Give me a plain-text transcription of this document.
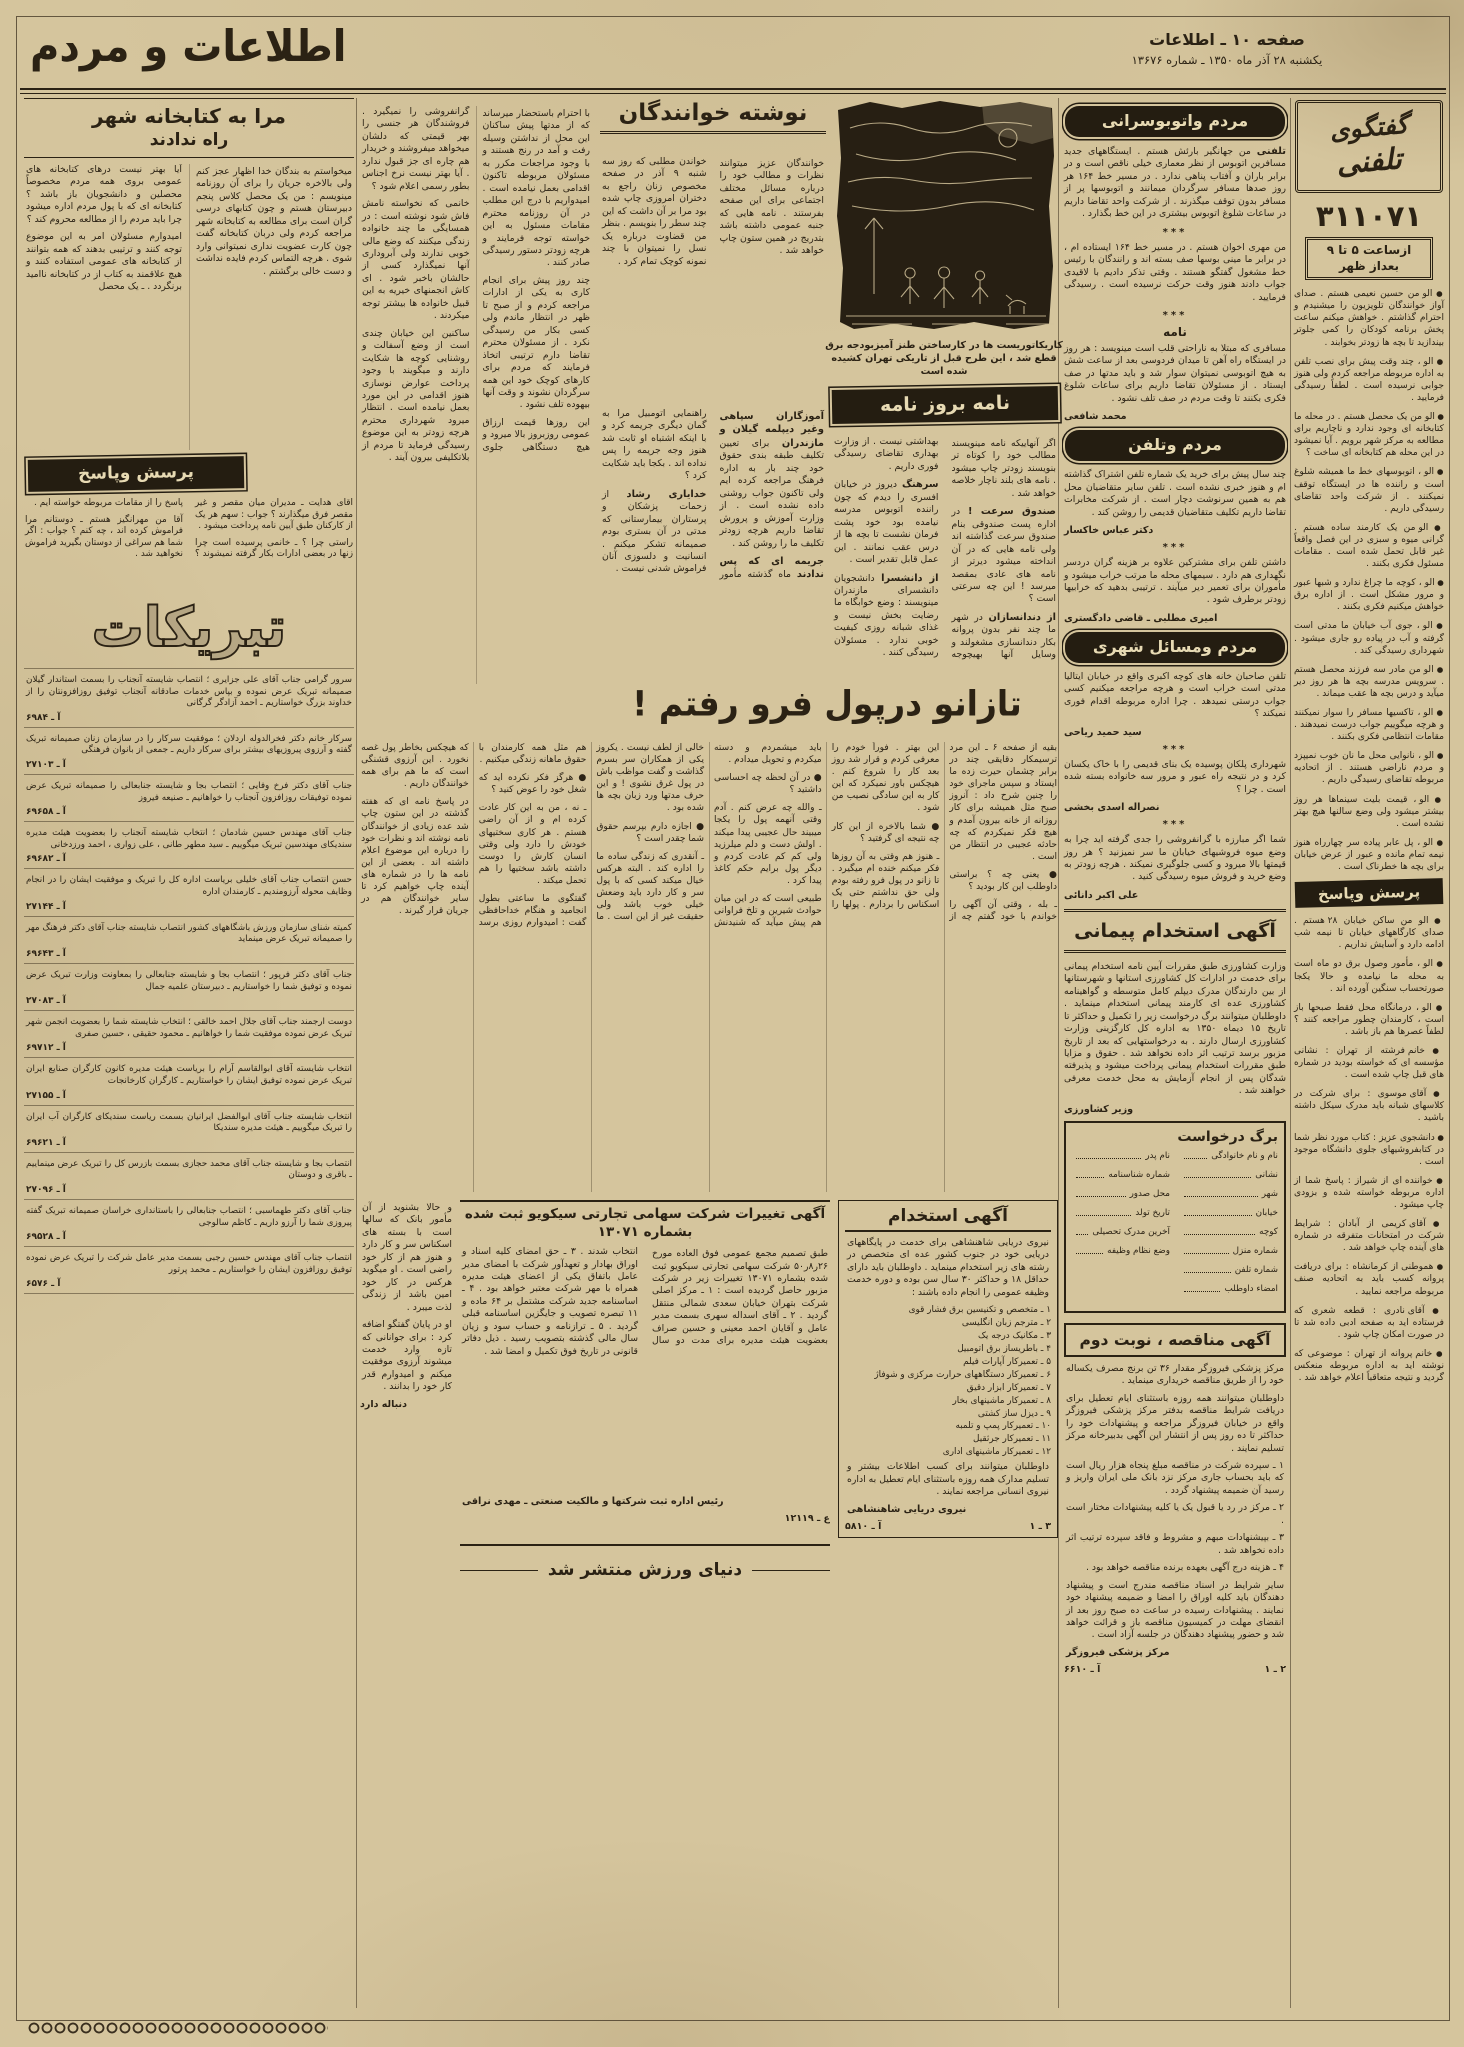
اطلاعات و مردم	صفحه ۱۰ ـ اطلاعات
یکشنبه ۲۸ آذر ماه ۱۳۵۰ ـ شماره ۱۳۶۷۶
گفتگوی
تلفنی
۳۱۱۰۷۱
ازساعت ۵ تا ۹
بعداز ظهر

● الو من حسین نعیمی هستم . صدای آواز خوانندگان تلویزیون را میشنیدم و احترام گذاشتم . خواهش میکنم ساعت پخش برنامه کودکان را کمی جلوتر بیندازید تا بچه ها زودتر بخوابند .

● الو ، چند وقت پیش برای نصب تلفن به اداره مربوطه مراجعه کردم ولی هنوز جوابی نرسیده است . لطفاً رسیدگی فرمایید .

● الو من یک محصل هستم . در محله ما کتابخانه ای وجود ندارد و ناچاریم برای مطالعه به مرکز شهر برویم . آیا نمیشود در این محله هم کتابخانه ای ساخت ؟

● الو ، اتوبوسهای خط ما همیشه شلوغ است و راننده ها در ایستگاه توقف نمیکنند . از شرکت واحد تقاضای رسیدگی داریم .

● الو من یک کارمند ساده هستم . گرانی میوه و سبزی در این فصل واقعاً غیر قابل تحمل شده است . مقامات مسئول فکری بکنند .

● الو ، کوچه ما چراغ ندارد و شبها عبور و مرور مشکل است . از اداره برق خواهش میکنیم فکری بکنند .

● الو ، جوی آب خیابان ما مدتی است گرفته و آب در پیاده رو جاری میشود . شهرداری رسیدگی کند .

● الو من مادر سه فرزند محصل هستم . سرویس مدرسه بچه ها هر روز دیر میآید و درس بچه ها عقب میماند .

● الو ، تاکسیها مسافر را سوار نمیکنند و هرچه میگوییم جواب درست نمیدهند . مقامات انتظامی فکری بکنند .

● الو ، نانوایی محل ما نان خوب نمیپزد و مردم ناراضی هستند . از اتحادیه مربوطه تقاضای رسیدگی داریم .

● الو ، قیمت بلیت سینماها هر روز بیشتر میشود ولی وضع سالنها هیچ بهتر نشده است .

● الو ، پل عابر پیاده سر چهارراه هنوز نیمه تمام مانده و عبور از عرض خیابان برای بچه ها خطرناک است .

پرسش وپاسخ

● الو من ساکن خیابان ۲۸ هستم . صدای کارگاههای خیابان تا نیمه شب ادامه دارد و آسایش نداریم .

● الو ، مأمور وصول برق دو ماه است به محله ما نیامده و حالا یکجا صورتحساب سنگین آورده اند .

● الو ، درمانگاه محل فقط صبحها باز است ، کارمندان چطور مراجعه کنند ؟ لطفاً عصرها هم باز باشد .

● خانم فرشته از تهران : نشانی مؤسسه ای که خواسته بودید در شماره های قبل چاپ شده است .

● آقای موسوی : برای شرکت در کلاسهای شبانه باید مدرک سیکل داشته باشید .

● دانشجوی عزیز : کتاب مورد نظر شما در کتابفروشیهای جلوی دانشگاه موجود است .

● خواننده ای از شیراز : پاسخ شما از اداره مربوطه خواسته شده و بزودی چاپ میشود .

● آقای کریمی از آبادان : شرایط شرکت در امتحانات متفرقه در شماره های آینده چاپ خواهد شد .

● هموطنی از کرمانشاه : برای دریافت پروانه کسب باید به اتحادیه صنف مربوطه مراجعه نمایید .

● آقای نادری : قطعه شعری که فرستاده اید به صفحه ادبی داده شد تا در صورت امکان چاپ شود .

● خانم پروانه از تهران : موضوعی که نوشته اید به اداره مربوطه منعکس گردید و نتیجه متعاقباً اعلام خواهد شد .

مردم واتوبوسرانی

تلفنی من جهانگیر بارئش هستم . ایستگاههای جدید مسافرین اتوبوس از نظر معماری خیلی ناقص است و در برابر باران و آفتاب پناهی ندارد . در مسیر خط ۱۶۴ هر روز صدها مسافر سرگردان میمانند و اتوبوسها پر از مسافر بدون توقف میگذرند . از شرکت واحد تقاضا داریم در ساعات شلوغ اتوبوس بیشتری در این خط بگذارد .

***

من مهری اخوان هستم . در مسیر خط ۱۶۴ ایستاده ام ، در برابر ما مینی بوسها صف بسته اند و رانندگان با رئیس خط مشغول گفتگو هستند . وقتی تذکر دادیم با لاقیدی جواب دادند هنوز وقت حرکت نرسیده است . رسیدگی فرمایید .

***
نامه

مسافری که مبتلا به ناراحتی قلب است مینویسد : هر روز در ایستگاه راه آهن تا میدان فردوسی بعد از ساعت شش به هیچ اتوبوسی نمیتوان سوار شد و باید مدتها در صف ایستاد . از مسئولان تقاضا داریم برای ساعات شلوغ فکری بکنند تا وقت مردم در صف تلف نشود .

محمد شافعی
مردم وتلفن

چند سال پیش برای خرید یک شماره تلفن اشتراک گذاشته ام و هنوز خبری نشده است . تلفن سایر متقاضیان محل هم به همین سرنوشت دچار است . از شرکت مخابرات تقاضا داریم تکلیف متقاضیان قدیمی را روشن کند .

دکتر عباس خاکسار
***

داشتن تلفن برای مشترکین علاوه بر هزینه گران دردسر نگهداری هم دارد . سیمهای محله ما مرتب خراب میشود و مأموران برای تعمیر دیر میآیند . ترتیبی بدهید که خرابیها زودتر برطرف شود .

امیری مطلبی ـ قاضی دادگستری
مردم ومسائل شهری

تلفن صاحبان خانه های کوچه اکبری واقع در خیابان ایتالیا مدتی است خراب است و هرچه مراجعه میکنیم کسی جواب درستی نمیدهد . چرا اداره مربوطه اقدام فوری نمیکند ؟

سید حمید ریاحی
***

شهرداری پلکان پوسیده یک بنای قدیمی را با خاک یکسان کرد و در نتیجه راه عبور و مرور سه خانواده بسته شده است . چرا ؟

نصراله اسدی بخشی
***

شما اگر مبارزه با گرانفروشی را جدی گرفته اید چرا به وضع میوه فروشیهای خیابان ما سر نمیزنید ؟ هر روز قیمتها بالا میرود و کسی جلوگیری نمیکند . هرچه زودتر به وضع خرید و فروش میوه رسیدگی کنید .

علی اکبر دانائی
آگهی استخدام پیمانی

وزارت کشاورزی طبق مقررات آیین نامه استخدام پیمانی برای خدمت در ادارات کل کشاورزی استانها و شهرستانها از بین دارندگان مدرک دیپلم کامل متوسطه و گواهینامه کشاورزی عده ای کارمند پیمانی استخدام مینماید . داوطلبان میتوانند برگ درخواست زیر را تکمیل و حداکثر تا تاریخ ۱۵ دیماه ۱۳۵۰ به اداره کل کارگزینی وزارت کشاورزی ارسال دارند . به درخواستهایی که بعد از تاریخ مزبور برسد ترتیب اثر داده نخواهد شد . حقوق و مزایا طبق مقررات استخدام پیمانی پرداخت میشود و پذیرفته شدگان پس از انجام آزمایش به محل خدمت معرفی خواهند شد .

وزیر کشاورزی
برگ درخواست
نام و نام خانوادگی
نشانی
شهر
خیابان
کوچه
شماره منزل
شماره تلفن
امضاء داوطلب
نام پدر
شماره شناسنامه
محل صدور
تاریخ تولد
آخرین مدرک تحصیلی
وضع نظام وظیفه
آگهی مناقصه ، نوبت دوم

مرکز پزشکی فیروزگر مقدار ۳۶ تن برنج مصرف یکساله خود را از طریق مناقصه خریداری مینماید .

داوطلبان میتوانند همه روزه باستثنای ایام تعطیل برای دریافت شرایط مناقصه بدفتر مرکز پزشکی فیروزگر واقع در خیابان فیروزگر مراجعه و پیشنهادات خود را حداکثر تا ده روز پس از انتشار این آگهی بدبیرخانه مرکز تسلیم نمایند .

۱ ـ سپرده شرکت در مناقصه مبلغ پنجاه هزار ریال است که باید بحساب جاری مرکز نزد بانک ملی ایران واریز و رسید آن ضمیمه پیشنهاد گردد .

۲ ـ مرکز در رد یا قبول یک یا کلیه پیشنهادات مختار است .

۳ ـ بپیشنهادات مبهم و مشروط و فاقد سپرده ترتیب اثر داده نخواهد شد .

۴ ـ هزینه درج آگهی بعهده برنده مناقصه خواهد بود .

سایر شرایط در اسناد مناقصه مندرج است و پیشنهاد دهندگان باید کلیه اوراق را امضا و ضمیمه پیشنهاد خود نمایند . پیشنهادات رسیده در ساعت ده صبح روز بعد از انقضای مهلت در کمیسیون مناقصه باز و قرائت خواهد شد و حضور پیشنهاد دهندگان در جلسه آزاد است .

مرکز پزشکی فیروزگر
۲ ـ ۱
آ ـ ۶۶۱۰

با احترام باستحضار میرساند که از مدتها پیش ساکنان این محل از نداشتن وسیله رفت و آمد در رنج هستند و با وجود مراجعات مکرر به مسئولان مربوطه تاکنون اقدامی بعمل نیامده است . امیدواریم با درج این مطلب در آن روزنامه محترم مقامات مسئول به این خواسته توجه فرمایند و هرچه زودتر دستور رسیدگی صادر کنند .

چند روز پیش برای انجام کاری به یکی از ادارات مراجعه کردم و از صبح تا ظهر در انتظار ماندم ولی کسی بکار من رسیدگی نکرد . از مسئولان محترم تقاضا دارم ترتیبی اتخاذ فرمایند که مردم برای کارهای کوچک خود این همه سرگردان نشوند و وقت آنها بیهوده تلف نشود .

این روزها قیمت ارزاق عمومی روزبروز بالا میرود و هیچ دستگاهی جلوی گرانفروشی را نمیگیرد . فروشندگان هر جنسی را بهر قیمتی که دلشان میخواهد میفروشند و خریدار هم چاره ای جز قبول ندارد . آیا بهتر نیست نرخ اجناس بطور رسمی اعلام شود ؟

خانمی که نخواسته نامش فاش شود نوشته است : در همسایگی ما چند خانواده زندگی میکنند که وضع مالی خوبی ندارند ولی آبروداری آنها نمیگذارد کسی از حالشان باخبر شود . ای کاش انجمنهای خیریه به این قبیل خانواده ها بیشتر توجه میکردند .

ساکنین این خیابان چندی است از وضع آسفالت و روشنایی کوچه ها شکایت دارند و میگویند با وجود پرداخت عوارض نوسازی هنوز اقدامی در این مورد بعمل نیامده است . انتظار میرود شهرداری محترم هرچه زودتر به این موضوع رسیدگی فرماید تا مردم از بلاتکلیفی بیرون آیند .

نوشته خوانندگان

خوانندگان عزیز میتوانند نظرات و مطالب خود را درباره مسائل مختلف اجتماعی برای این صفحه بفرستند . نامه هایی که جنبه عمومی داشته باشد بتدریج در همین ستون چاپ خواهد شد .

خواندن مطلبی که روز سه شنبه ۹ آذر در صفحه مخصوص زنان راجع به دختران امروزی چاپ شده بود مرا بر آن داشت که این چند سطر را بنویسم . بنظر من قضاوت درباره یک نسل را نمیتوان با چند نمونه کوچک تمام کرد .

آموزگاران سپاهی وغیر دیپلمه گیلان و مازندران برای تعیین تکلیف طبقه بندی حقوق خود چند بار به اداره فرهنگ مراجعه کرده ایم ولی تاکنون جواب روشنی داده نشده است . از وزارت آموزش و پرورش تقاضا داریم هرچه زودتر تکلیف ما را روشن کند .

جریمه ای که پس ندادند ماه گذشته مأمور راهنمایی اتومبیل مرا به گمان دیگری جریمه کرد و با اینکه اشتباه او ثابت شد هنوز وجه جریمه را پس نداده اند . بکجا باید شکایت کرد ؟

خدایاری رشاد از زحمات پزشکان و پرستاران بیمارستانی که مدتی در آن بستری بودم صمیمانه تشکر میکنم . انسانیت و دلسوزی آنان فراموش شدنی نیست .

کاریکاتوریست ها در کارساختن طنز آمیزبودجه برق قطع شد ، این طرح قبل از تاریکی تهران کشیده شده است
نامه بروز نامه

اگر آنهاییکه نامه مینویسند مطالب خود را کوتاه تر بنویسند زودتر چاپ میشود . نامه های بلند ناچار خلاصه خواهد شد .

صندوق سرعت ! در اداره پست صندوقی بنام صندوق سرعت گذاشته اند ولی نامه هایی که در آن انداخته میشود دیرتر از نامه های عادی بمقصد میرسد ! این چه سرعتی است ؟

از دندانسازان در شهر ما چند نفر بدون پروانه بکار دندانسازی مشغولند و وسایل آنها بهیچوجه بهداشتی نیست . از وزارت بهداری تقاضای رسیدگی فوری داریم .

سرهنگ دیروز در خیابان افسری را دیدم که چون راننده اتوبوس مدرسه نیامده بود خود پشت فرمان نشست تا بچه ها از درس عقب نمانند . این عمل قابل تقدیر است .

از دانشسرا دانشجویان دانشسرای مازندران مینویسند : وضع خوابگاه ما رضایت بخش نیست و غذای شبانه روزی کیفیت خوبی ندارد . مسئولان رسیدگی کنند .

تازانو درپول فرو رفتم !

بقیه از صفحه ۶ ـ این مرد ترسیمکار دقایقی چند در برابر چشمان حیرت زده ما ایستاد و سپس ماجرای خود را چنین شرح داد : آنروز صبح مثل همیشه برای کار روزانه از خانه بیرون آمدم و هیچ فکر نمیکردم که چه حادثه عجیبی در انتظار من است .

● یعنی چه ؟ براستی داوطلب این کار بودید ؟

ـ بله ، وقتی آن آگهی را خواندم با خود گفتم چه از این بهتر . فوراً خودم را معرفی کردم و قرار شد روز بعد کار را شروع کنم . هیچکس باور نمیکرد که این کار به این سادگی نصیب من شود .

● شما بالاخره از این کار چه نتیجه ای گرفتید ؟

ـ هنوز هم وقتی به آن روزها فکر میکنم خنده ام میگیرد . تا زانو در پول فرو رفته بودم ولی حق نداشتم حتی یک اسکناس را بردارم . پولها را باید میشمردم و دسته میکردم و تحویل میدادم .

● در آن لحظه چه احساسی داشتید ؟

ـ والله چه عرض کنم . آدم وقتی آنهمه پول را یکجا میبیند حال عجیبی پیدا میکند . اولش دست و دلم میلرزید ولی کم کم عادت کردم و دیگر پول برایم حکم کاغذ پیدا کرد .

طبیعی است که در این میان حوادث شیرین و تلخ فراوانی هم پیش میآید که شنیدنش خالی از لطف نیست . یکروز یکی از همکاران سر بسرم گذاشت و گفت مواظب باش در پول غرق نشوی ! و این حرف مدتها ورد زبان بچه ها شده بود .

● اجازه دارم بپرسم حقوق شما چقدر است ؟

ـ آنقدری که زندگی ساده ما را اداره کند . البته هرکس خیال میکند کسی که با پول سر و کار دارد باید وضعش خیلی خوب باشد ولی حقیقت غیر از این است . ما هم مثل همه کارمندان با حقوق ماهانه زندگی میکنیم .

● هرگز فکر نکرده اید که شغل خود را عوض کنید ؟

ـ نه ، من به این کار عادت کرده ام و از آن راضی هستم . هر کاری سختیهای خودش را دارد ولی وقتی انسان کارش را دوست داشته باشد سختیها را هم تحمل میکند .

گفتگوی ما ساعتی بطول انجامید و هنگام خداحافظی گفت : امیدوارم روزی برسد که هیچکس بخاطر پول غصه نخورد . این آرزوی قشنگی است که ما هم برای همه خوانندگان داریم .

در پاسخ نامه ای که هفته گذشته در این ستون چاپ شد عده زیادی از خوانندگان نامه نوشته اند و نظرات خود را درباره این موضوع اعلام داشته اند . بعضی از این نامه ها را در شماره های آینده چاپ خواهیم کرد تا سایر خوانندگان هم در جریان قرار گیرند .

و حالا بشنوید از آن مأمور بانک که سالها است با بسته های اسکناس سر و کار دارد و هنوز هم از کار خود راضی است . او میگوید هرکس در کار خود امین باشد از زندگی لذت میبرد .

او در پایان گفتگو اضافه کرد : برای جوانانی که تازه وارد خدمت میشوند آرزوی موفقیت میکنم و امیدوارم قدر کار خود را بدانند .

دنباله دارد
آگهی تغییرات شرکت سهامی تجارتی سیکویو ثبت شده
بشماره ۱۳۰۷۱

طبق تصمیم مجمع عمومی فوق العاده مورخ ۲۶ر۸ر۵۰ شرکت سهامی تجارتی سیکویو ثبت شده بشماره ۱۳۰۷۱ تغییرات زیر در شرکت مزبور حاصل گردیده است : ۱ ـ مرکز اصلی شرکت بتهران خیابان سعدی شمالی منتقل گردید . ۲ ـ آقای اسداله سهری بسمت مدیر عامل و آقایان احمد معینی و حسین صراف بعضویت هیئت مدیره برای مدت دو سال انتخاب شدند . ۳ ـ حق امضای کلیه اسناد و اوراق بهادار و تعهدآور شرکت با امضای مدیر عامل باتفاق یکی از اعضای هیئت مدیره همراه با مهر شرکت معتبر خواهد بود . ۴ ـ اساسنامه جدید شرکت مشتمل بر ۶۴ ماده و ۱۱ تبصره تصویب و جایگزین اساسنامه قبلی گردید . ۵ ـ ترازنامه و حساب سود و زیان سال مالی گذشته بتصویب رسید . ذیل دفاتر قانونی در تاریخ فوق تکمیل و امضا شد .

رئیس اداره ثبت شرکتها و مالکیت صنعتی ـ مهدی نراقی
ع ـ ۱۲۱۱۹
آگهی استخدام

نیروی دریایی شاهنشاهی برای خدمت در پایگاههای دریایی خود در جنوب کشور عده ای متخصص در رشته های زیر استخدام مینماید . داوطلبان باید دارای حداقل ۱۸ و حداکثر ۳۰ سال سن بوده و دوره خدمت وظیفه عمومی را انجام داده باشند :

۱ ـ متخصص و تکنیسین برق فشار قوی
۲ ـ مترجم زبان انگلیسی
۳ ـ مکانیک درجه یک
۴ ـ باطریساز برق اتومبیل
۵ ـ تعمیرکار آپارات فیلم
۶ ـ تعمیرکار دستگاههای حرارت مرکزی و شوفاژ
۷ ـ تعمیرکار ابزار دقیق
۸ ـ تعمیرکار ماشینهای بخار
۹ ـ دیزل ساز کشتی
۱۰ ـ تعمیرکار پمپ و تلمبه
۱۱ ـ تعمیرکار جرثقیل
۱۲ ـ تعمیرکار ماشینهای اداری

داوطلبان میتوانند برای کسب اطلاعات بیشتر و تسلیم مدارک همه روزه باستثنای ایام تعطیل به اداره نیروی انسانی مراجعه نمایند .

نیروی دریایی شاهنشاهی
۳ ـ ۱
آ ـ ۵۸۱۰
دنیای ورزش منتشر شد
مرا به کتابخانه شهر
راه ندادند

میخواستم به بندگان خدا اظهار عجز کنم ولی بالاخره جریان را برای آن روزنامه مینویسم : من یک محصل کلاس پنجم دبیرستان هستم و چون کتابهای درسی گران است برای مطالعه به کتابخانه شهر مراجعه کردم ولی دربان کتابخانه گفت چون کارت عضویت نداری نمیتوانی وارد شوی . هرچه التماس کردم فایده نداشت و دست خالی برگشتم .

آیا بهتر نیست درهای کتابخانه های عمومی بروی همه مردم مخصوصاً محصلین و دانشجویان باز باشد ؟ کتابخانه ای که با پول مردم اداره میشود چرا باید مردم را از مطالعه محروم کند ؟

امیدوارم مسئولان امر به این موضوع توجه کنند و ترتیبی بدهند که همه بتوانند از کتابخانه های عمومی استفاده کنند و هیچ علاقمند به کتاب از در کتابخانه ناامید برنگردد . ـ یک محصل

پرسش وپاسخ

آقای هدایت ـ مدیران میان مقصر و غیر مقصر فرق میگذارند ؟ جواب : سهم هر یک از کارکنان طبق آیین نامه پرداخت میشود .

راستی چرا ؟ ـ خانمی پرسیده است چرا زنها در بعضی ادارات بکار گرفته نمیشوند ؟ پاسخ را از مقامات مربوطه خواسته ایم .

آقا من مهرانگیز هستم ـ دوستانم مرا فراموش کرده اند ، چه کنم ؟ جواب : اگر شما هم سراغی از دوستان بگیرید فراموش نخواهید شد .

تبریکات

سرور گرامی جناب آقای علی جزایری ؛ انتصاب شایسته آنجناب را بسمت استاندار گیلان صمیمانه تبریک عرض نموده و بپاس خدمات صادقانه آنجناب توفیق روزافزونتان را از خداوند بزرگ خواستاریم ـ احمد آزادگر گرگانی

آ ـ ۶۹۸۴

سرکار خانم دکتر فخرالدوله اردلان ؛ موفقیت سرکار را در سازمان زنان صمیمانه تبریک گفته و آرزوی پیروزیهای بیشتر برای سرکار داریم ـ جمعی از بانوان فرهنگی

آ ـ ۲۷۱۰۳

جناب آقای دکتر فرخ وفایی ؛ انتصاب بجا و شایسته جنابعالی را صمیمانه تبریک عرض نموده توفیقات روزافزون آنجناب را خواهانیم ـ صنیعه فیروز

آ ـ ۶۹۶۵۸

جناب آقای مهندس حسین شادمان ؛ انتخاب شایسته آنجناب را بعضویت هیئت مدیره سندیکای مهندسین تبریک میگوییم ـ سید مطهر طانی ، علی زواری ، احمد ورزدخانی

آ ـ ۶۹۶۸۲

حسن انتصاب جناب آقای خلیلی بریاست اداره کل را تبریک و موفقیت ایشان را در انجام وظایف محوله آرزومندیم ـ کارمندان اداره

آ ـ ۲۷۱۴۴

کمیته شنای سازمان ورزش باشگاههای کشور انتصاب شایسته جناب آقای دکتر فرهنگ مهر را صمیمانه تبریک عرض مینماید

آ ـ ۶۹۶۴۳

جناب آقای دکتر فرپور ؛ انتصاب بجا و شایسته جنابعالی را بمعاونت وزارت تبریک عرض نموده و توفیق شما را خواستاریم ـ دبیرستان علمیه جمال

آ ـ ۲۷۰۸۳

دوست ارجمند جناب آقای جلال احمد خالقی ؛ انتخاب شایسته شما را بعضویت انجمن شهر تبریک عرض نموده موفقیت شما را خواهانیم ـ محمود حقیقی ، حسین صفری

آ ـ ۶۹۷۱۲

انتخاب شایسته آقای ابوالقاسم آرام را بریاست هیئت مدیره کانون کارگران صنایع ایران تبریک عرض نموده توفیق ایشان را خواستاریم ـ کارگران کارخانجات

آ ـ ۲۷۱۵۵

انتخاب شایسته جناب آقای ابوالفضل ایرانیان بسمت ریاست سندیکای کارگران آب ایران را تبریک میگوییم ـ هیئت مدیره سندیکا

آ ـ ۶۹۶۲۱

انتصاب بجا و شایسته جناب آقای محمد حجازی بسمت بازرس کل را تبریک عرض مینماییم ـ باقری و دوستان

آ ـ ۲۷۰۹۶

جناب آقای دکتر طهماسبی ؛ انتصاب جنابعالی را باستانداری خراسان صمیمانه تبریک گفته پیروزی شما را آرزو داریم ـ کاظم سالوجی

آ ـ ۶۹۵۲۸

انتصاب جناب آقای مهندس حسین رجبی بسمت مدیر عامل شرکت را تبریک عرض نموده توفیق روزافزون ایشان را خواستاریم ـ محمد پرتور

آ ـ ۶۵۷۶
